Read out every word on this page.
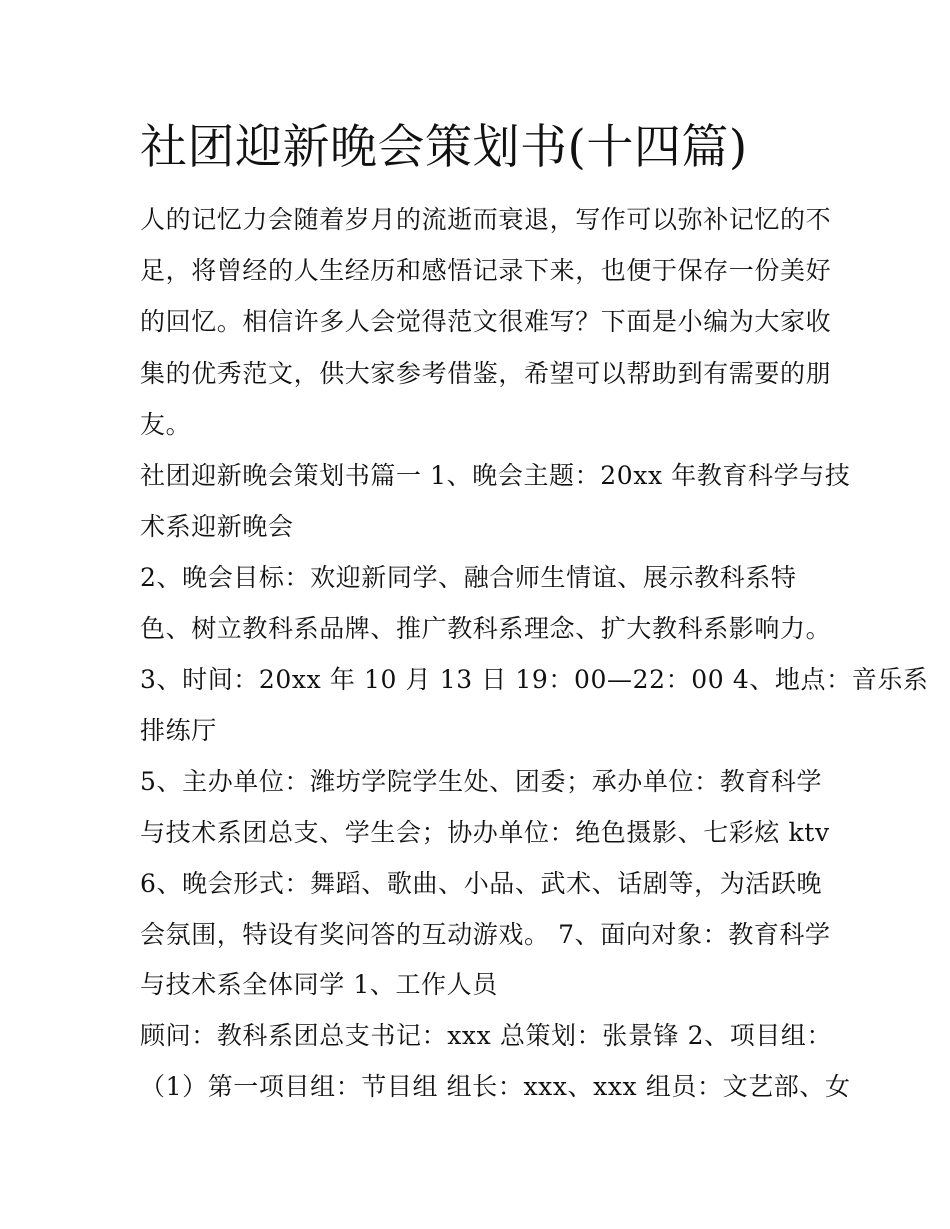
社团迎新晚会策划书(十四篇)
人的记忆力会随着岁月的流逝而衰退，写作可以弥补记忆的不
足，将曾经的人生经历和感悟记录下来，也便于保存一份美好
的回忆。相信许多人会觉得范文很难写？下面是小编为大家收
集的优秀范文，供大家参考借鉴，希望可以帮助到有需要的朋
友。
社团迎新晚会策划书篇一 1、晚会主题：20xx 年教育科学与技
术系迎新晚会
2、晚会目标：欢迎新同学、融合师生情谊、展示教科系特
色、树立教科系品牌、推广教科系理念、扩大教科系影响力。
3、时间：20xx 年 10 月 13 日 19：00—22：00 4、地点：音乐系
排练厅
5、主办单位：潍坊学院学生处、团委；承办单位：教育科学
与技术系团总支、学生会；协办单位：绝色摄影、七彩炫 ktv
6、晚会形式：舞蹈、歌曲、小品、武术、话剧等，为活跃晚
会氛围，特设有奖问答的互动游戏。 7、面向对象：教育科学
与技术系全体同学 1、工作人员
顾问：教科系团总支书记：xxx 总策划：张景锋 2、项目组：
（1）第一项目组：节目组 组长：xxx、xxx 组员：文艺部、女
